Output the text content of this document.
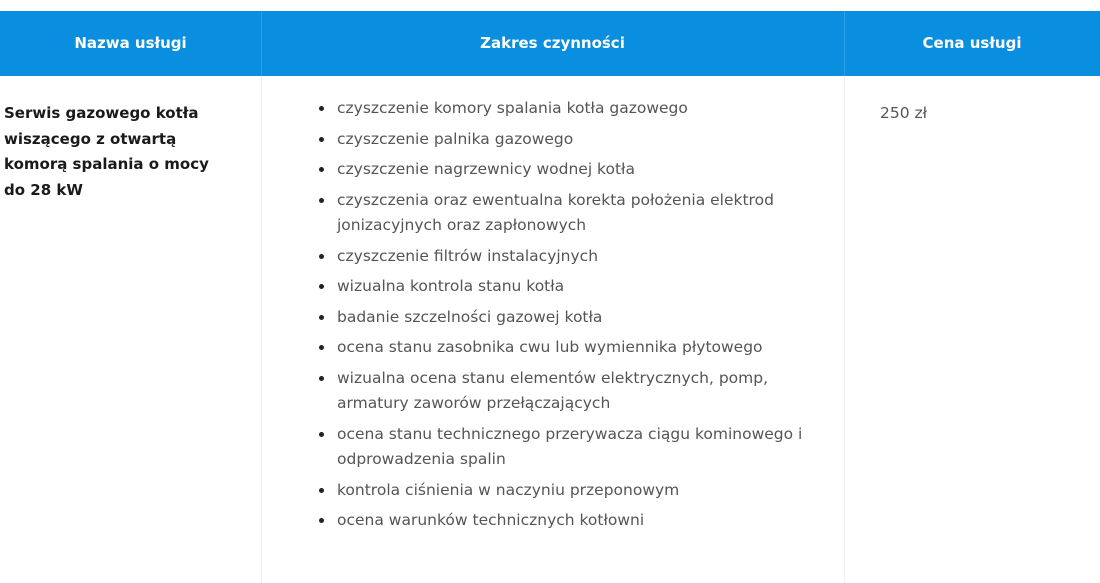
Nazwa usługi	Zakres czynności	Cena usługi
Serwis gazowego kotła wiszącego z otwartą komorą spalania o mocy do 28 kW
czyszczenie komory spalania kotła gazowego
czyszczenie palnika gazowego
czyszczenie nagrzewnicy wodnej kotła
czyszczenia oraz ewentualna korekta położenia elektrod jonizacyjnych oraz zapłonowych
czyszczenie filtrów instalacyjnych
wizualna kontrola stanu kotła
badanie szczelności gazowej kotła
ocena stanu zasobnika cwu lub wymiennika płytowego
wizualna ocena stanu elementów elektrycznych, pomp, armatury zaworów przełączających
ocena stanu technicznego przerywacza ciągu kominowego i odprowadzenia spalin
kontrola ciśnienia w naczyniu przeponowym
ocena warunków technicznych kotłowni
250 zł
